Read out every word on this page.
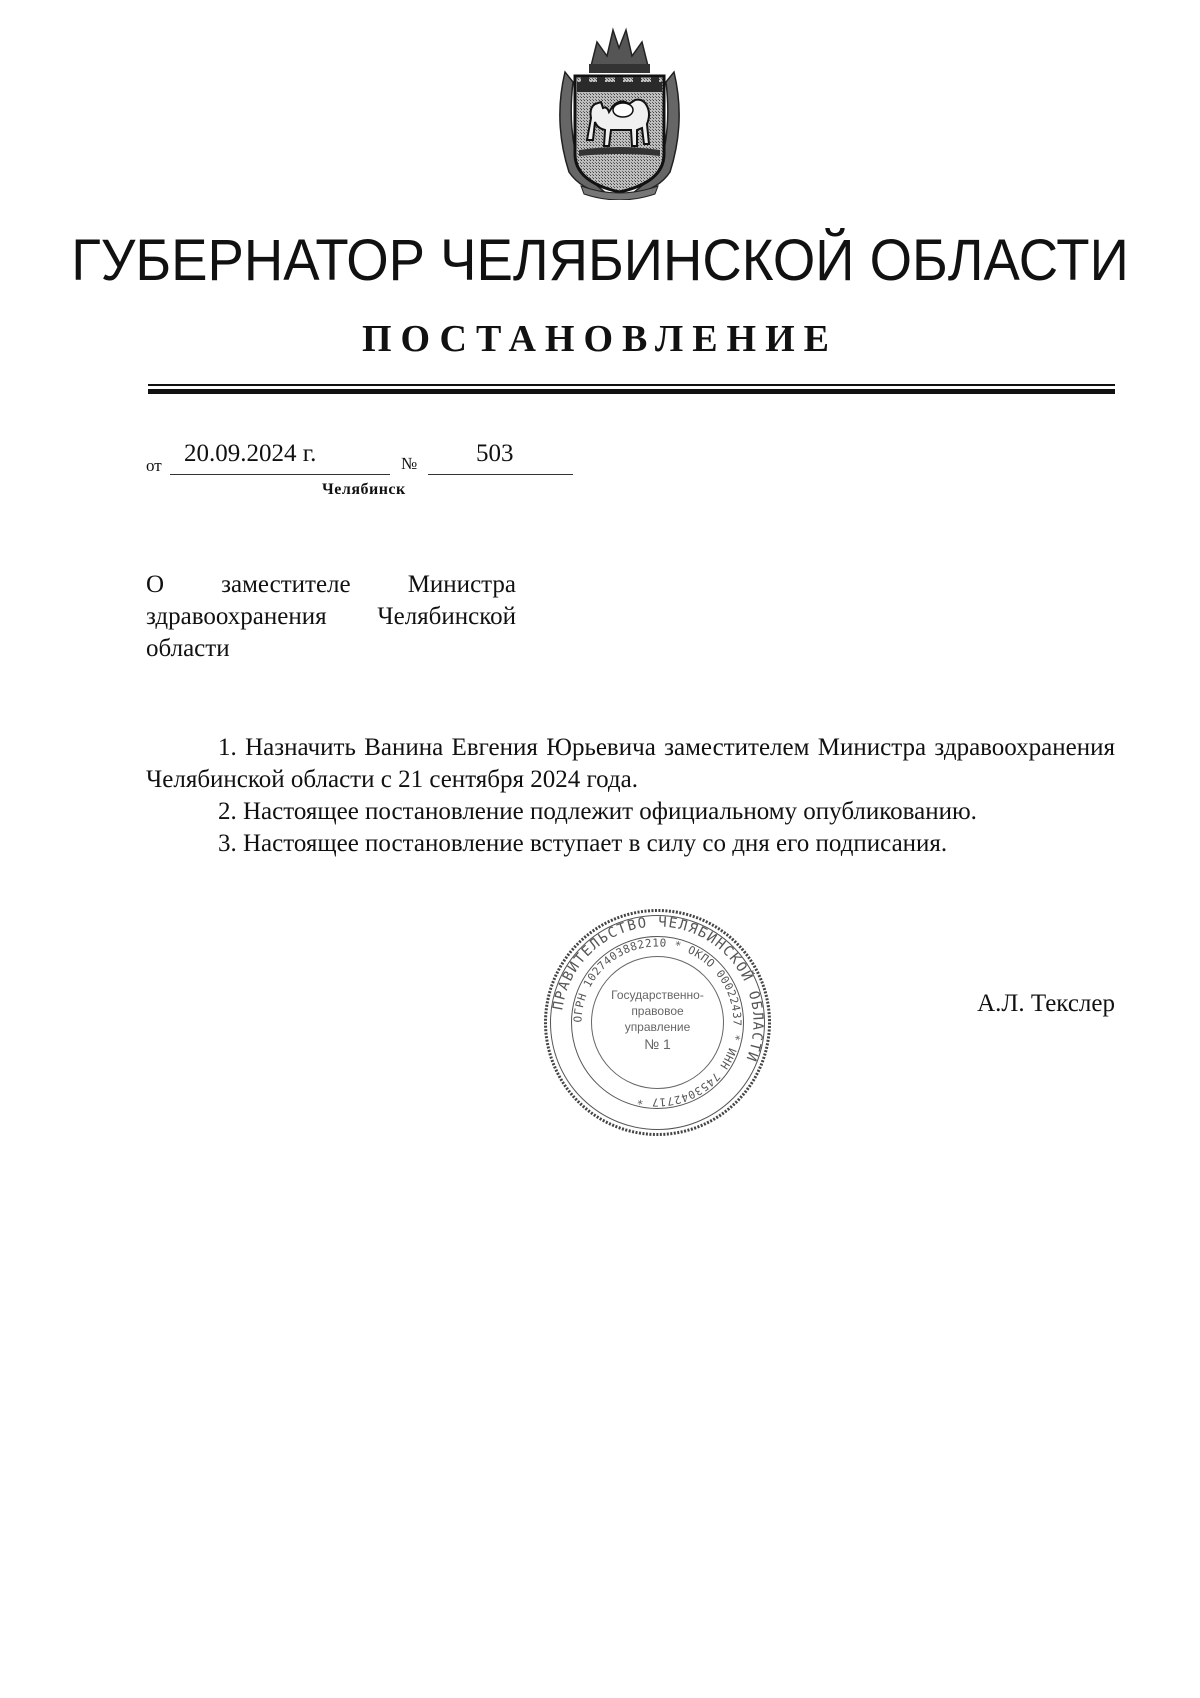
ГУБЕРНАТОР ЧЕЛЯБИНСКОЙ ОБЛАСТИ
ПОСТАНОВЛЕНИЕ
от 20.09.2024 г.	№ 503
Челябинск

О заместителе Министра
здравоохранения Челябинской области

1. Назначить Ванина Евгения Юрьевича заместителем Министра здравоохранения Челябинской области с 21 сентября 2024 года.

2. Настоящее постановление подлежит официальному опубликованию.

3. Настоящее постановление вступает в силу со дня его подписания.

ПРАВИТЕЛЬСТВО ЧЕЛЯБИНСКОЙ ОБЛАСТИ
ОГРН 1027403882210 * ОКПО 00022437 * ИНН 7453042717 *
Государственно-
правовое
управление
№ 1
А.Л. Текслер
